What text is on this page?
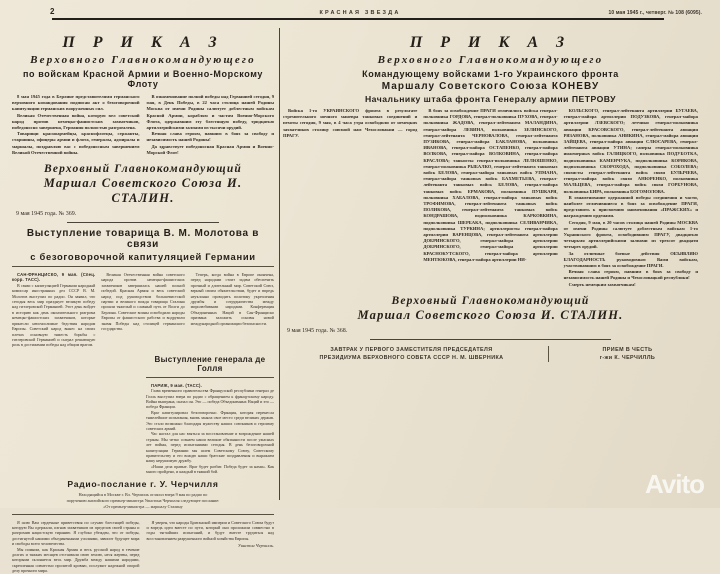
2	КРАСНАЯ ЗВЕЗДА	10 мая 1945 г., четверг. № 108 (6095).
П Р И К А З
Верховного Главнокомандующего
по войскам Красной Армии и Военно-Морскому Флоту

8 мая 1945 года в Берлине представителями германского верховного командования подписан акт о безоговорочной капитуляции германских вооруженных сил.

Великая Отечественная война, которую вел советский народ против немецко-фашистских захватчиков, победоносно завершена, Германия полностью разгромлена.

Товарищи красноармейцы, краснофлотцы, сержанты, старшины, офицеры армии и флота, генералы, адмиралы и маршалы, поздравляю вас с победоносным завершением Великой Отечественной войны.

В ознаменование полной победы над Германией сегодня, 9 мая, в День Победы, в 22 часа столица нашей Родины Москва от имени Родины салютует доблестным войскам Красной Армии, кораблям и частям Военно-Морского Флота, одержавшим эту блестящую победу, тридцатью артиллерийскими залпами из тысячи орудий.

Вечная слава героям, павшим в боях за свободу и независимость нашей Родины!

Да здравствует победоносная Красная Армия и Военно-Морской Флот!

Верховный Главнокомандующий
Маршал Советского Союза И. СТАЛИН.
9 мая 1945 года. № 369.
Выступление товарища В. М. Молотова в связи
с безоговорочной капитуляцией Германии

САН-ФРАНЦИСКО, 9 мая. (Спец. корр. ТАСС).

В связи с капитуляцией Германии народный комиссар иностранных дел СССР В. М. Молотов выступил по радио. Он заявил, что сегодня весь мир празднует великую победу над гитлеровской Германией. Этот день войдет в историю как день окончательного разгрома немецко-фашистских захватчиков, которые принесли неисчислимые бедствия народам Европы. Советский народ вынес на своих плечах основную тяжесть борьбы с гитлеровской Германией и сыграл решающую роль в достижении победы над общим врагом.

Великая Отечественная война советского народа против немецко-фашистских захватчиков завершилась нашей полной победой. Красная Армия и весь советский народ под руководством большевистской партии и великого вождя товарища Сталина прошли тяжелый и славный путь от Волги до Берлина. Советские воины освободили народы Европы от фашистского рабства и водрузили знамя Победы над столицей германского государства.

Теперь, когда война в Европе окончена, перед народами стоит задача обеспечить прочный и длительный мир. Советский Союз, верный своим обязательствам, будет и впредь неуклонно проводить политику укрепления дружбы и сотрудничества между миролюбивыми народами. Конференция Объединенных Наций в Сан-Франциско призвана заложить основы новой международной организации безопасности.

Выступление генерала де Голля

ПАРИЖ, 9 мая. (ТАСС).

Глава временного правительства Французской республики генерал де Голль выступил вчера по радио с обращением к французскому народу. Война выиграна, сказал он. Это — победа Объединенных Наций и это — победа Франции.

Враг капитулировал безоговорочно. Франция, которая перенесла тяжелейшие испытания, вновь заняла свое место среди великих держав. Это стало возможно благодаря мужеству наших союзников и героизму советских армий.

Час настал для нас взяться за восстановление и возрождение нашей страны. Мы четко сознаем наши великие обязанности после ужасных лет войны, перед испытаниями сегодня. В день безоговорочной капитуляции Германии мы шлем Советскому Союзу, Советскому правительству и его вождю наши братские поздравления и выражаем нашу нерушимую дружбу.

«Наши дела правые. Враг будет разбит. Победа будет за нами». Как много пройдено, и каждый в тяжкий бой.

Радио-послание г. У. Черчилля
Находящийся в Москве г. Вл. Черчилль огласил вчера 9 мая по радио по
поручению английского премьер-министра Уинстона Черчилля следующее послание:
«От премьер-министра — маршалу Сталину

Я шлю Вам сердечные приветствия по случаю блестящей победы, которую Вы одержали, изгнав захватчиков из пределов своей страны и разгромив нацистскую тиранию. Я глубоко убежден, что от победы, достигнутой нашими объединенными усилиями, зависит будущее мира и свободы всего человечества.

Мы помним, как Красная Армия и весь русский народ в течение долгих и тяжких месяцев отстаивали свою землю, неся жертвы, перед которыми склоняется весь мир. Дружба между нашими народами, скрепленная совместно пролитой кровью, послужит надежной опорой делу прочного мира.

Я уверен, что народы Британской империи и Советского Союза будут и впредь идти вместе по пути, который они проложили совместно в годы тягчайших испытаний, и будут вместе трудиться над восстановлением разрушенного войной хозяйства Европы.

Уинстон Черчилль.
П Р И К А З
Верховного Главнокомандующего
Командующему войсками 1-го Украинского фронта
Маршалу Советского Союза КОНЕВУ
Начальнику штаба фронта Генералу армии ПЕТРОВУ

Войска 1-го УКРАИНСКОГО фронта в результате стремительного ночного маневра танковых соединений и пехоты сегодня, 9 мая, в 4 часа утра освободили от немецких захватчиков столицу союзной нам Чехословакии — город ПРАГУ.

В боях за освобождение ПРАГИ отличились войска генерал-полковника ГОРДОВА, генерал-полковника ПУХОВА, генерал-полковника ЖАДОВА, генерал-лейтенанта МАЛАНДИНА, генерал-майора ЛЕВИНА, полковника ЗЕЛИНСКОГО, генерал-лейтенанта ЧЕРНОВАЛОВА, генерал-лейтенанта ПУЗИКОВА, генерал-майора БАКЛАНОВА, полковника ИВАНОВА, генерал-майора ОСТАПЕНКО, генерал-майора ВОЛКОВА, генерал-майора ВОЛКОВИНА, генерал-майора КРАСЛОВА; танкисты генерал-полковника ЛЕЛЮШЕНКО, генерал-полковника РЫБАЛКО, генерал-лейтенанта танковых войск БЕЛОВА, генерал-майора танковых войск УПМАНА, генерал-майора танковых войск БАХМЕТЬЕВА, генерал-лейтенанта танковых войск БЕЛОВА, генерал-майора танковых войск ЕРМАКОВА, полковника ПУШКАРЯ, полковника ХАБАЛОВА, генерал-майора танковых войск ТРОФИМОВА, генерал-лейтенанта танковых войск ПОЛИКОВА, генерал-лейтенанта танковых войск КОНДРАШОВА, подполковника КАРКОВКИНА, подполковника ШЕРБАКА, подполковника СЕЛИВАНЧИКА, подполковника ТУРКИНА; артиллеристы генерал-майора артиллерии ВАРЕНЦОВА, генерал-лейтенанта артиллерии ДОБРИНСКОГО, генерал-майора артиллерии ДОБРИНСКОГО, генерал-майора артиллерии КРАСНОКУТСКОГО, генерал-майора артиллерии МЕНТЮКОВА, генерал-майора артиллерии НИ-

КОЛЬСКОГО, генерал-лейтенанта артиллерии БУГАЕВА, генерал-майора артиллерии ПОДУЗКОВА, генерал-майора артиллерии ЛЗЕВСКОГО; летчики генерал-полковника авиации КРАСОВСКОГО, генерал-лейтенанта авиации РЯЗАНОВА, полковника АНИКИНА, генерал-майора авиации ЗАЙЦЕВА, генерал-майора авиации СЛЮСАРЕВА, генерал-лейтенанта авиации УТИНА; саперы генерал-полковника инженерных войск ГАЛИЦКОГО, полковника ПОДУБОТКА, подполковника КАМЕНЧУКА, подполковника КОРЯКОВА, подполковника СКОРОХОДА, подполковника СОБОЛЕВА; связисты генерал-лейтенанта войск связи БУЛЫЧЕВА, генерал-майора войск связи АНЮРЕНКО, полковника МАЛЬЦЕВА, генерал-майора войск связи ГОРБУНОВА, полковника БИРА, полковника БОГОМОЛОВА.

В ознаменование одержанной победы соединения и части, наиболее отличившиеся в боях за освобождение ПРАГИ, представить к присвоению наименования «ПРАЖСКИХ» и награждению орденами.

Сегодня, 9 мая, в 20 часов столица нашей Родины МОСКВА от имени Родины салютует доблестным войскам 1-го Украинского фронта, освободившим ПРАГУ, двадцатью четырьмя артиллерийскими залпами из трехсот двадцати четырех орудий.

За отличные боевые действия ОБЪЯВЛЯЮ БЛАГОДАРНОСТЬ руководимым Вами войскам, участвовавшим в боях за освобождение ПРАГИ.

Вечная слава героям, павшим в боях за свободу и независимость нашей Родины и Чехословацкой республики!

Смерть немецким захватчикам!

Верховный Главнокомандующий
Маршал Советского Союза И. СТАЛИН.
9 мая 1945 года. № 368.
ЗАВТРАК У ПЕРВОГО ЗАМЕСТИТЕЛЯ ПРЕДСЕДАТЕЛЯ
ПРЕЗИДИУМА ВЕРХОВНОГО СОВЕТА СССР Н. М. ШВЕРНИКА
ПРИЕМ В ЧЕСТЬ
г-жи К. ЧЕРЧИЛЛЬ
Avito
